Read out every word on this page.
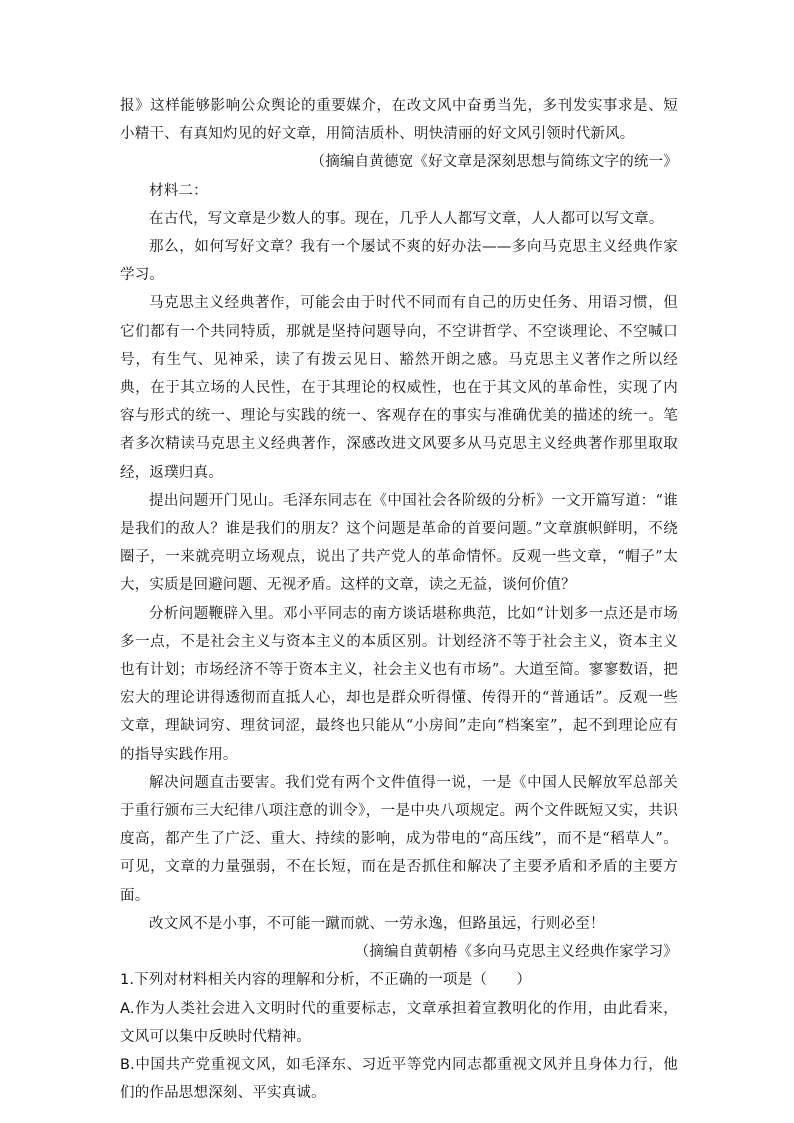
报》这样能够影响公众舆论的重要媒介，在改文风中奋勇当先，多刊发实事求是、短小精干、有真知灼见的好文章，用简洁质朴、明快清丽的好文风引领时代新风。

（摘编自黄德宽《好文章是深刻思想与简练文字的统一》

材料二：

在古代，写文章是少数人的事。现在，几乎人人都写文章，人人都可以写文章。

那么，如何写好文章？我有一个屡试不爽的好办法——多向马克思主义经典作家学习。

马克思主义经典著作，可能会由于时代不同而有自己的历史任务、用语习惯，但它们都有一个共同特质，那就是坚持问题导向，不空讲哲学、不空谈理论、不空喊口号，有生气、见神采，读了有拨云见日、豁然开朗之感。马克思主义著作之所以经典，在于其立场的人民性，在于其理论的权威性，也在于其文风的革命性，实现了内容与形式的统一、理论与实践的统一、客观存在的事实与准确优美的描述的统一。笔者多次精读马克思主义经典著作，深感改进文风要多从马克思主义经典著作那里取取经，返璞归真。

提出问题开门见山。毛泽东同志在《中国社会各阶级的分析》一文开篇写道：“谁是我们的敌人？谁是我们的朋友？这个问题是革命的首要问题。”文章旗帜鲜明，不绕圈子，一来就亮明立场观点，说出了共产党人的革命情怀。反观一些文章，“帽子”太大，实质是回避问题、无视矛盾。这样的文章，读之无益，谈何价值？

分析问题鞭辟入里。邓小平同志的南方谈话堪称典范，比如“计划多一点还是市场多一点，不是社会主义与资本主义的本质区别。计划经济不等于社会主义，资本主义也有计划；市场经济不等于资本主义，社会主义也有市场”。大道至简。寥寥数语，把宏大的理论讲得透彻而直抵人心，却也是群众听得懂、传得开的“普通话”。反观一些文章，理缺词穷、理贫词涩，最终也只能从“小房间”走向“档案室”，起不到理论应有的指导实践作用。

解决问题直击要害。我们党有两个文件值得一说，一是《中国人民解放军总部关于重行颁布三大纪律八项注意的训令》，一是中央八项规定。两个文件既短又实，共识度高，都产生了广泛、重大、持续的影响，成为带电的“高压线”，而不是“稻草人”。可见，文章的力量强弱，不在长短，而在是否抓住和解决了主要矛盾和矛盾的主要方面。

改文风不是小事，不可能一蹴而就、一劳永逸，但路虽远，行则必至！

（摘编自黄朝椿《多向马克思主义经典作家学习》

1.下列对材料相关内容的理解和分析，不正确的一项是（　　）

A.作为人类社会进入文明时代的重要标志，文章承担着宣教明化的作用，由此看来，文风可以集中反映时代精神。

B.中国共产党重视文风，如毛泽东、习近平等党内同志都重视文风并且身体力行，他们的作品思想深刻、平实真诚。
